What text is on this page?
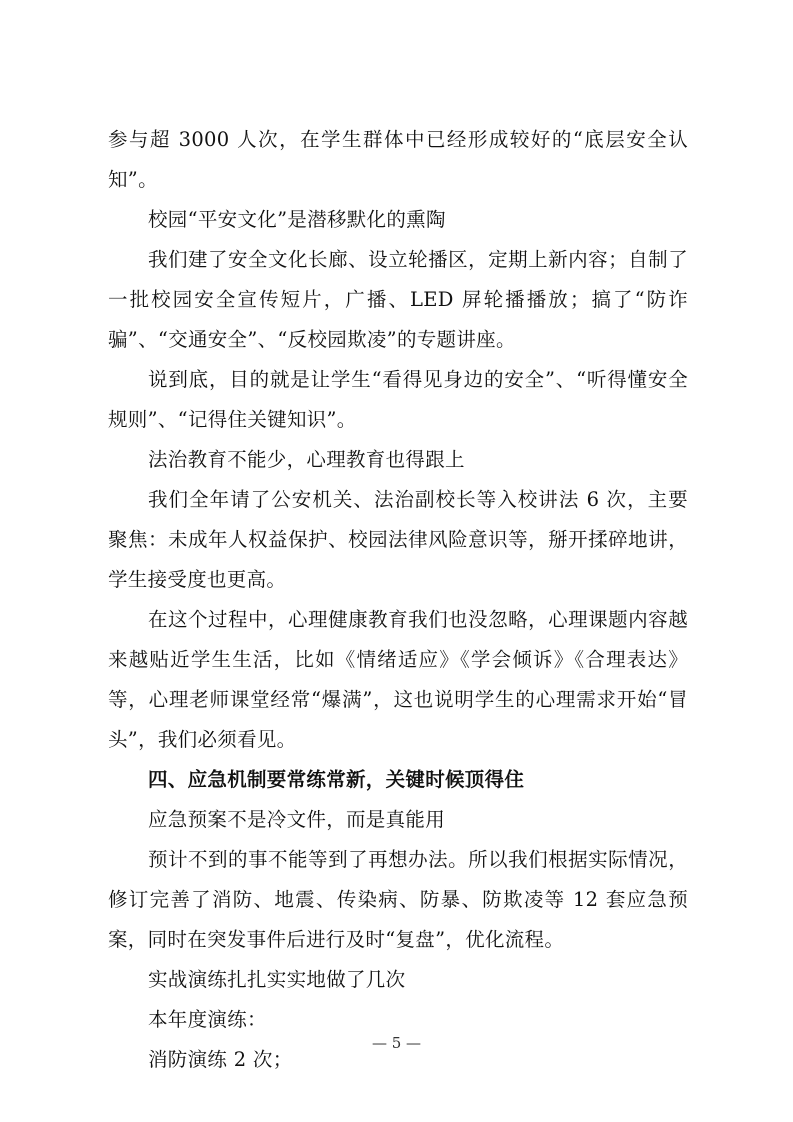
参与超 3000 人次，在学生群体中已经形成较好的“底层安全认知”。

校园“平安文化”是潜移默化的熏陶

我们建了安全文化长廊、设立轮播区，定期上新内容；自制了一批校园安全宣传短片，广播、LED 屏轮播播放；搞了“防诈骗”、“交通安全”、“反校园欺凌”的专题讲座。

说到底，目的就是让学生“看得见身边的安全”、“听得懂安全规则”、“记得住关键知识”。

法治教育不能少，心理教育也得跟上

我们全年请了公安机关、法治副校长等入校讲法 6 次，主要聚焦：未成年人权益保护、校园法律风险意识等，掰开揉碎地讲，学生接受度也更高。

在这个过程中，心理健康教育我们也没忽略，心理课题内容越来越贴近学生生活，比如《情绪适应》《学会倾诉》《合理表达》等，心理老师课堂经常“爆满”，这也说明学生的心理需求开始“冒头”，我们必须看见。

四、应急机制要常练常新，关键时候顶得住

应急预案不是冷文件，而是真能用

预计不到的事不能等到了再想办法。所以我们根据实际情况，修订完善了消防、地震、传染病、防暴、防欺凌等 12 套应急预案，同时在突发事件后进行及时“复盘”，优化流程。

实战演练扎扎实实地做了几次

本年度演练：

消防演练 2 次；

— 5 —
